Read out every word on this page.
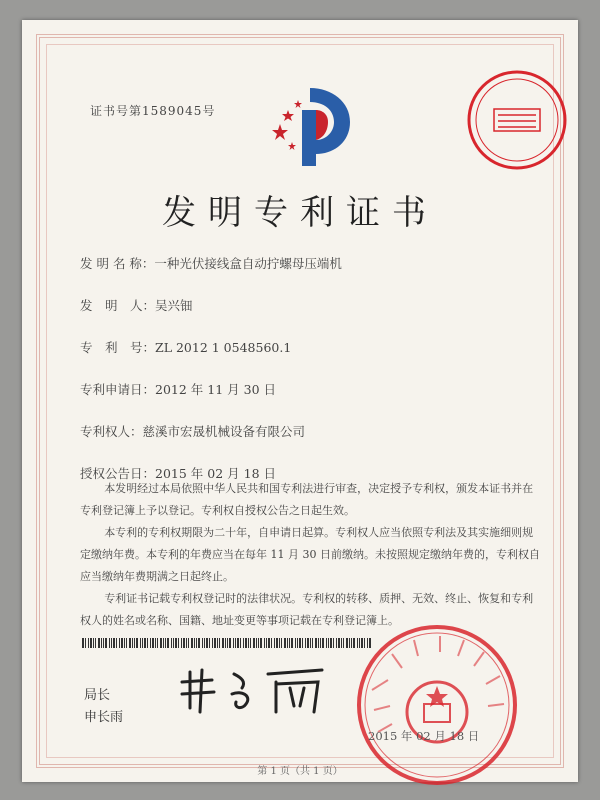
证书号第1589045号
发明专利证书
发 明 名 称：一种光伏接线盒自动拧螺母压端机
发　明　人：吴兴钿
专　利　号：ZL 2012 1 0548560.1
专利申请日：2012 年 11 月 30 日
专利权人：慈溪市宏晟机械设备有限公司
授权公告日：2015 年 02 月 18 日

本发明经过本局依照中华人民共和国专利法进行审查，决定授予专利权，颁发本证书并在专利登记簿上予以登记。专利权自授权公告之日起生效。

本专利的专利权期限为二十年，自申请日起算。专利权人应当依照专利法及其实施细则规定缴纳年费。本专利的年费应当在每年 11 月 30 日前缴纳。未按照规定缴纳年费的，专利权自应当缴纳年费期满之日起终止。

专利证书记载专利权登记时的法律状况。专利权的转移、质押、无效、终止、恢复和专利权人的姓名或名称、国籍、地址变更等事项记载在专利登记簿上。

局长
申长雨
2015 年 02 月 18 日
第 1 页（共 1 页）
